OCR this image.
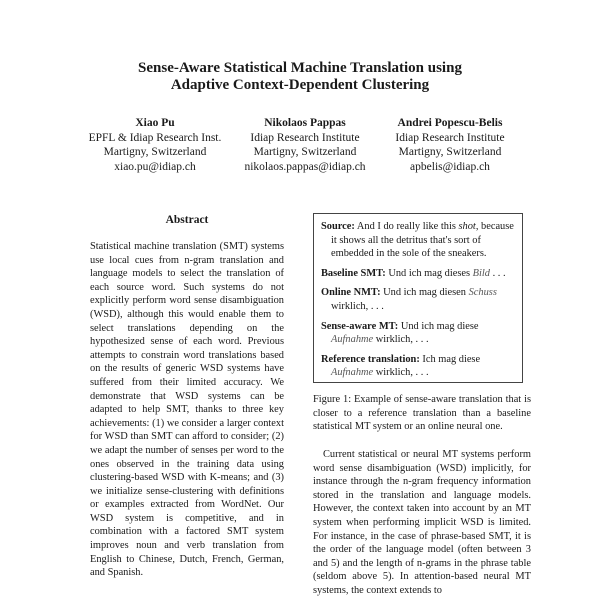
Sense-Aware Statistical Machine Translation using
Adaptive Context-Dependent Clustering
Xiao Pu
EPFL & Idiap Research Inst.
Martigny, Switzerland
xiao.pu@idiap.ch
Nikolaos Pappas
Idiap Research Institute
Martigny, Switzerland
nikolaos.pappas@idiap.ch
Andrei Popescu-Belis
Idiap Research Institute
Martigny, Switzerland
apbelis@idiap.ch
Abstract
Statistical machine translation (SMT) systems use local cues from n-gram translation and language models to select the translation of each source word. Such systems do not explicitly perform word sense disambiguation (WSD), although this would enable them to select translations depending on the hypothesized sense of each word. Previous attempts to constrain word translations based on the results of generic WSD systems have suffered from their limited accuracy. We demonstrate that WSD systems can be adapted to help SMT, thanks to three key achievements: (1) we consider a larger context for WSD than SMT can afford to consider; (2) we adapt the number of senses per word to the ones observed in the training data using clustering-based WSD with K-means; and (3) we initialize sense-clustering with definitions or examples extracted from WordNet. Our WSD system is competitive, and in combination with a factored SMT system improves noun and verb translation from English to Chinese, Dutch, French, German, and Spanish.

Source: And I do really like this shot, because it shows all the detritus that's sort of embedded in the sole of the sneakers.

Baseline SMT: Und ich mag dieses Bild . . .

Online NMT: Und ich mag diesen Schuss wirklich, . . .

Sense-aware MT: Und ich mag diese Aufnahme wirklich, . . .

Reference translation: Ich mag diese Aufnahme wirklich, . . .

Figure 1: Example of sense-aware translation that is closer to a reference translation than a baseline statistical MT system or an online neural one.
Current statistical or neural MT systems perform word sense disambiguation (WSD) implicitly, for instance through the n-gram frequency information stored in the translation and language models. However, the context taken into account by an MT system when performing implicit WSD is limited. For instance, in the case of phrase-based SMT, it is the order of the language model (often between 3 and 5) and the length of n-grams in the phrase table (seldom above 5). In attention-based neural MT systems, the context extends to
